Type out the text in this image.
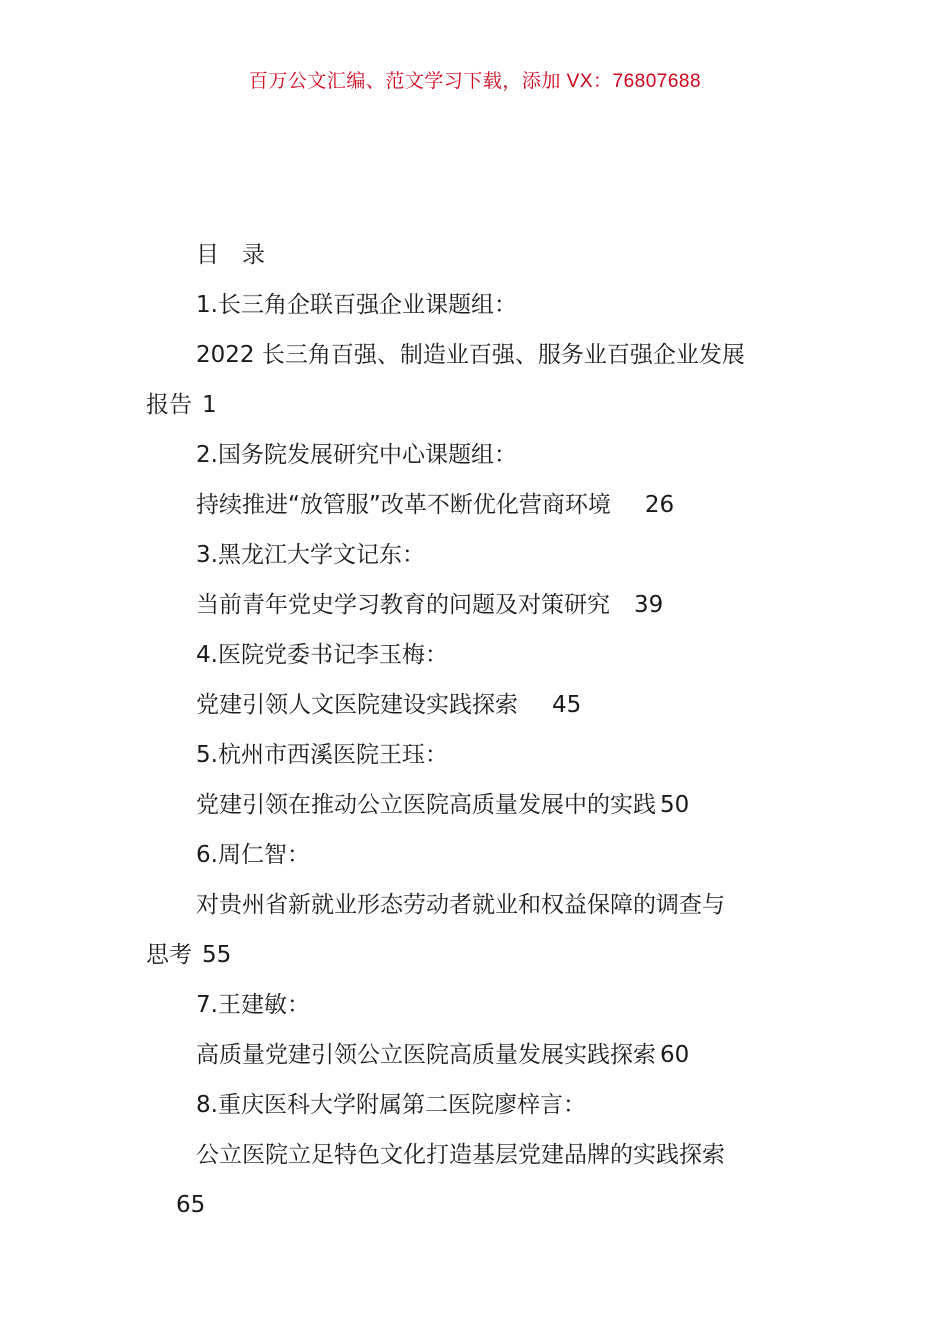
百万公文汇编、范文学习下载，添加 VX：76807688

目　录

1.长三角企联百强企业课题组：

2022 长三角百强、制造业百强、服务业百强企业发展

报告 1

2.国务院发展研究中心课题组：

持续推进“放管服”改革不断优化营商环境 26

3.黑龙江大学文记东：

当前青年党史学习教育的问题及对策研究 39

4.医院党委书记李玉梅：

党建引领人文医院建设实践探索 45

5.杭州市西溪医院王珏：

党建引领在推动公立医院高质量发展中的实践 50

6.周仁智：

对贵州省新就业形态劳动者就业和权益保障的调查与

思考 55

7.王建敏：

高质量党建引领公立医院高质量发展实践探索 60

8.重庆医科大学附属第二医院廖梓言：

公立医院立足特色文化打造基层党建品牌的实践探索

65
